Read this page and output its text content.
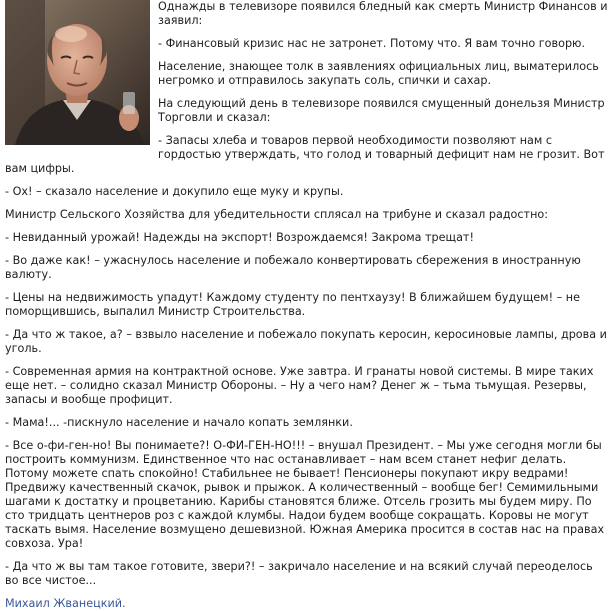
Однажды в телевизоре появился бледный как смерть Министр Финансов и заявил:

- Финансовый кризис нас не затронет. Потому что. Я вам точно говорю.

Население, знающее толк в заявлениях официальных лиц, выматерилось негромко и отправилось закупать соль, спички и сахар.

На следующий день в телевизоре появился смущенный донельзя Министр Торговли и сказал:

- Запасы хлеба и товаров первой необходимости позволяют нам с гордостью утверждать, что голод и товарный дефицит нам не грозит. Вот вам цифры.

- Ох! – сказало население и докупило еще муку и крупы.

Министр Сельского Хозяйства для убедительности сплясал на трибуне и сказал радостно:

- Невиданный урожай! Надежды на экспорт! Возрождаемся! Закрома трещат!

- Во даже как! – ужаснулось население и побежало конвертировать сбережения в иностранную валюту.

- Цены на недвижимость упадут! Каждому студенту по пентхаузу! В ближайшем будущем! – не поморщившись, выпалил Министр Строительства.

- Да что ж такое, а? – взвыло население и побежало покупать керосин, керосиновые лампы, дрова и уголь.

- Современная армия на контрактной основе. Уже завтра. И гранаты новой системы. В мире таких еще нет. – солидно сказал Министр Обороны. – Ну а чего нам? Денег ж – тьма тьмущая. Резервы, запасы и вообще профицит.

- Мама!... -пискнуло население и начало копать землянки.

- Все о-фи-ген-но! Вы понимаете?! О-ФИ-ГЕН-НО!!! – внушал Президент. – Мы уже сегодня могли бы построить коммунизм. Единственное что нас останавливает – нам всем станет нефиг делать. Потому можете спать спокойно! Стабильнее не бывает! Пенсионеры покупают икру ведрами! Предвижу качественный скачок, рывок и прыжок. А количественный – вообще бег! Семимильными шагами к достатку и процветанию. Карибы становятся ближе. Отсель грозить мы будем миру. По сто тридцать центнеров роз с каждой клумбы. Надои будем вообще сокращать. Коровы не могут таскать вымя. Население возмущено дешевизной. Южная Америка просится в состав нас на правах совхоза. Ура!

- Да что ж вы там такое готовите, звери?! – закричало население и на всякий случай переоделось во все чистое...

Михаил Жванецкий.
